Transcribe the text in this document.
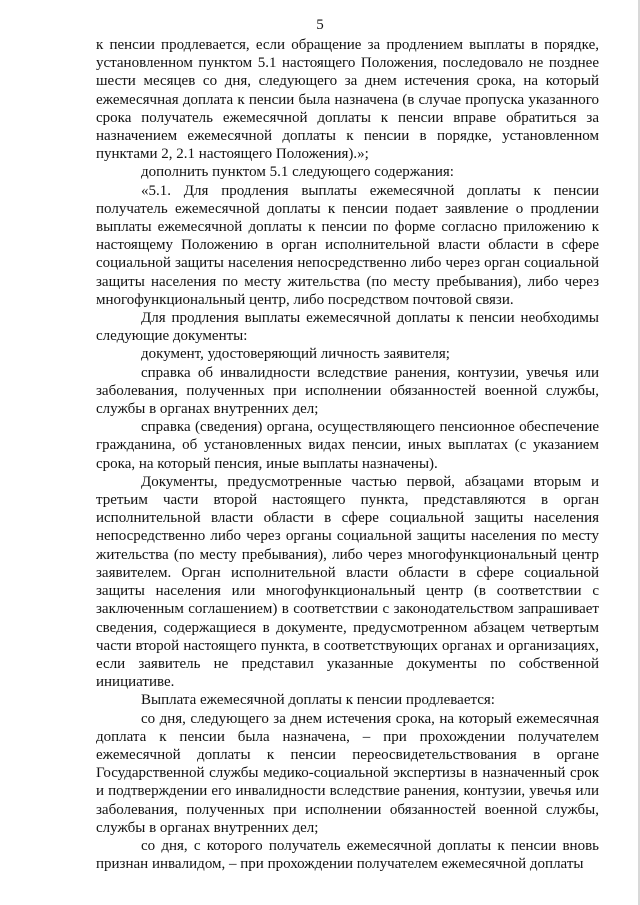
5

к пенсии продлевается, если обращение за продлением выплаты в порядке, установленном пунктом 5.1 настоящего Положения, последовало не позднее шести месяцев со дня, следующего за днем истечения срока, на который ежемесячная доплата к пенсии была назначена (в случае пропуска указанного срока получатель ежемесячной доплаты к пенсии вправе обратиться за назначением ежемесячной доплаты к пенсии в порядке, установленном пунктами 2, 2.1 настоящего Положения).»;

дополнить пунктом 5.1 следующего содержания:

«5.1. Для продления выплаты ежемесячной доплаты к пенсии получатель ежемесячной доплаты к пенсии подает заявление о продлении выплаты ежемесячной доплаты к пенсии по форме согласно приложению к настоящему Положению в орган исполнительной власти области в сфере социальной защиты населения непосредственно либо через орган социальной защиты населения по месту жительства (по месту пребывания), либо через многофункциональный центр, либо посредством почтовой связи.

Для продления выплаты ежемесячной доплаты к пенсии необходимы следующие документы:

документ, удостоверяющий личность заявителя;

справка об инвалидности вследствие ранения, контузии, увечья или заболевания, полученных при исполнении обязанностей военной службы, службы в органах внутренних дел;

справка (сведения) органа, осуществляющего пенсионное обеспечение гражданина, об установленных видах пенсии, иных выплатах (с указанием срока, на который пенсия, иные выплаты назначены).

Документы, предусмотренные частью первой, абзацами вторым и третьим части второй настоящего пункта, представляются в орган исполнительной власти области в сфере социальной защиты населения непосредственно либо через органы социальной защиты населения по месту жительства (по месту пребывания), либо через многофункциональный центр заявителем. Орган исполнительной власти области в сфере социальной защиты населения или многофункциональный центр (в соответствии с заключенным соглашением) в соответствии с законодательством запрашивает сведения, содержащиеся в документе, предусмотренном абзацем четвертым части второй настоящего пункта, в соответствующих органах и организациях, если заявитель не представил указанные документы по собственной инициативе.

Выплата ежемесячной доплаты к пенсии продлевается:

со дня, следующего за днем истечения срока, на который ежемесячная доплата к пенсии была назначена, – при прохождении получателем ежемесячной доплаты к пенсии переосвидетельствования в органе Государственной службы медико-социальной экспертизы в назначенный срок и подтверждении его инвалидности вследствие ранения, контузии, увечья или заболевания, полученных при исполнении обязанностей военной службы, службы в органах внутренних дел;

со дня, с которого получатель ежемесячной доплаты к пенсии вновь признан инвалидом, – при прохождении получателем ежемесячной доплаты
